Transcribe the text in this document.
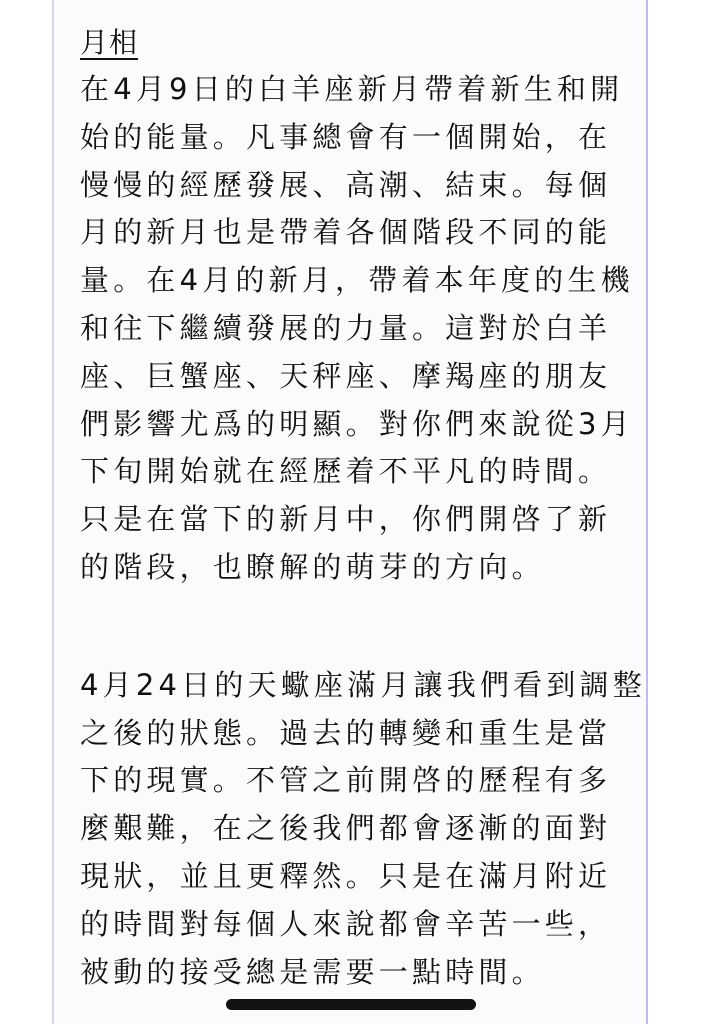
月相
在4月9日的白羊座新月帶着新生和開
始的能量。凡事總會有一個開始，在
慢慢的經歷發展、高潮、結束。每個
月的新月也是帶着各個階段不同的能
量。在4月的新月，帶着本年度的生機
和往下繼續發展的力量。這對於白羊
座、巨蟹座、天秤座、摩羯座的朋友
們影響尤爲的明顯。對你們來說從3月
下旬開始就在經歷着不平凡的時間。
只是在當下的新月中，你們開啓了新
的階段，也瞭解的萌芽的方向。
4月24日的天蠍座滿月讓我們看到調整
之後的狀態。過去的轉變和重生是當
下的現實。不管之前開啓的歷程有多
麼艱難，在之後我們都會逐漸的面對
現狀，並且更釋然。只是在滿月附近
的時間對每個人來說都會辛苦一些，
被動的接受總是需要一點時間。
